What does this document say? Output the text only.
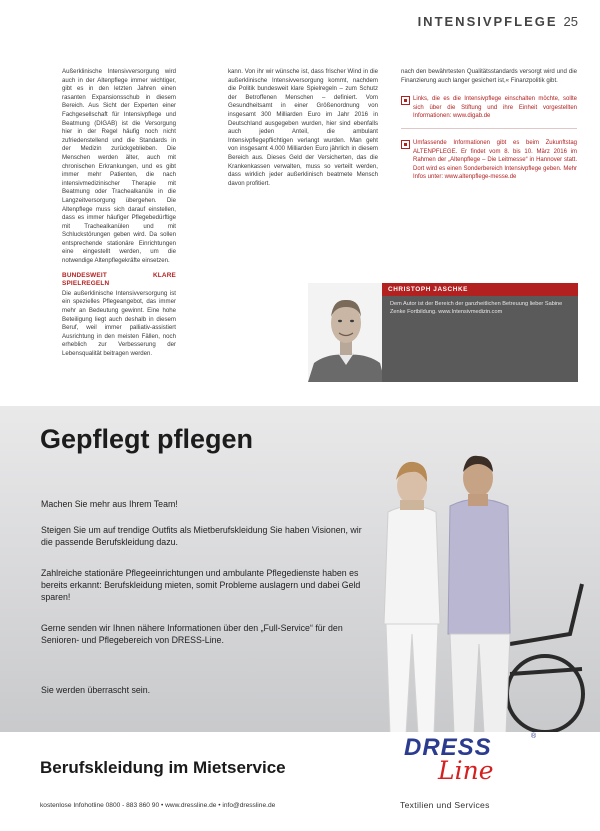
INTENSIVPFLEGE 25

Außerklinische Intensivversorgung wird auch in der Altenpflege immer wichtiger, gibt es in den letzten Jahren einen rasanten Expansionsschub in diesem Bereich. Aus Sicht der Experten einer Fachgesellschaft für Intensivpflege und Beatmung (DIGAB) ist die Versorgung hier in der Regel häufig noch nicht zufriedenstellend und die Standards in der Medizin zurückgeblieben. Die Menschen werden älter, auch mit chronischen Erkrankungen, und es gibt immer mehr Patienten, die nach intensivmedizinischer Therapie mit Beatmung oder Trachealkanüle in die Langzeitversorgung übergehen. Die Altenpflege muss sich darauf einstellen, dass es immer häufiger Pflegebedürftige mit Trachealkanülen und mit Schluckstörungen geben wird. Da sollen entsprechende stationäre Einrichtungen eine eingestellt werden, um die notwendige Altenpflegekräfte einsetzen.

BUNDESWEIT KLARE SPIELREGELN

Die außerklinische Intensivversorgung ist ein spezielles Pflegeangebot, das immer mehr an Bedeutung gewinnt. Eine hohe Beteiligung liegt auch deshalb in diesem Beruf, weil immer palliativ-assistiert Ausrichtung in den meisten Fällen, noch erheblich zur Verbesserung der Lebensqualität beitragen werden.

kann. Von ihr wir wünsche ist, dass frischer Wind in die außerklinische Intensivversorgung kommt, nachdem die Politik bundesweit klare Spielregeln – zum Schutz der Betroffenen Menschen – definiert. Vom Gesundheitsamt in einer Größenordnung von insgesamt 300 Milliarden Euro im Jahr 2016 in Deutschland ausgegeben wurden, hier sind ebenfalls auch jeden Anteil, die ambulant Intensivpflegepflichtigen verlangt wurden. Man geht von insgesamt 4.000 Milliarden Euro jährlich in diesem Bereich aus. Dieses Geld der Versicherten, das die Krankenkassen verwalten, muss so verteilt werden, dass wirklich jeder außerklinisch beatmete Mensch davon profitiert.

nach den bewährtesten Qualitätsstandards versorgt wird und die Finanzierung auch langer gesichert ist,« Finanzpolitik gibt.

Links, die es die Intensivpflege einschalten möchte, sollte sich über die Stiftung und ihre Einheit vorgestellten Informationen: www.digab.de
Umfassende Informationen gibt es beim Zukunftstag ALTENPFLEGE. Er findet vom 8. bis 10. März 2016 im Rahmen der „Altenpflege – Die Leitmesse“ in Hannover statt. Dort wird es einen Sonderbereich Intensivpflege geben. Mehr Infos unter: www.altenpflege-messe.de
CHRISTOPH JASCHKE
Dem Autor ist der Bereich der ganzheitlichen Betreuung lieber Sabine Zenke Fortbildung. www.Intensivmedizin.com
Gepflegt pflegen
Machen Sie mehr aus Ihrem Team!
Steigen Sie um auf trendige Outfits als Mietberufskleidung Sie haben Visionen, wir die passende Berufskleidung dazu.
Zahlreiche stationäre Pflegeeinrichtungen und ambulante Pflegedienste haben es bereits erkannt: Berufskleidung mieten, somit Probleme auslagern und dabei Geld sparen!
Gerne senden wir Ihnen nähere Informationen über den „Full-Service“ für den Senioren- und Pflegebereich von DRESS-Line.
Sie werden überrascht sein.
Berufskleidung im Mietservice
kostenlose Infohotline 0800 - 883 860 90 • www.dressline.de • info@dressline.de
DRESS
Line
®
Textilien und Services
